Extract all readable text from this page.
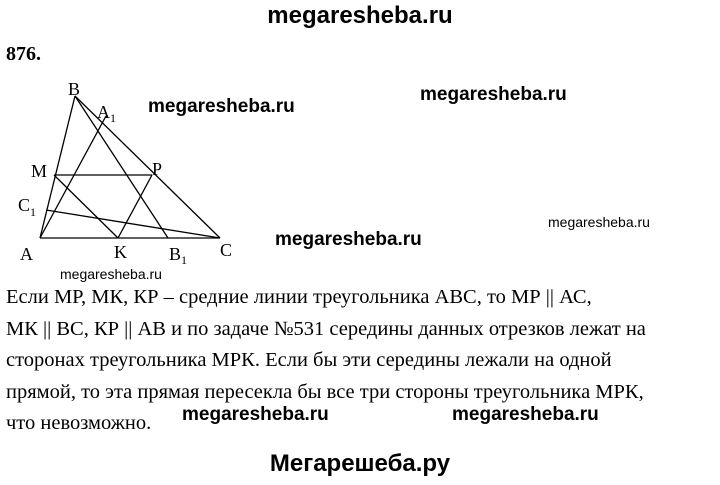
megaresheba.ru
876.
B
A 1
M	P
C 1
A	K B 1 C
megaresheba.ru
megaresheba.ru
megaresheba.ru
megaresheba.ru
megaresheba.ru
Если МР, МК, КР – средние линии треугольника АВС, то МР || АС,
МК || ВС, КР || АВ и по задаче №531 середины данных отрезков лежат на
сторонах треугольника МРК. Если бы эти середины лежали на одной
прямой, то эта прямая пересекла бы все три стороны треугольника МРК,
что невозможно.	megaresheba.ru	megaresheba.ru
Мегарешеба.ру
